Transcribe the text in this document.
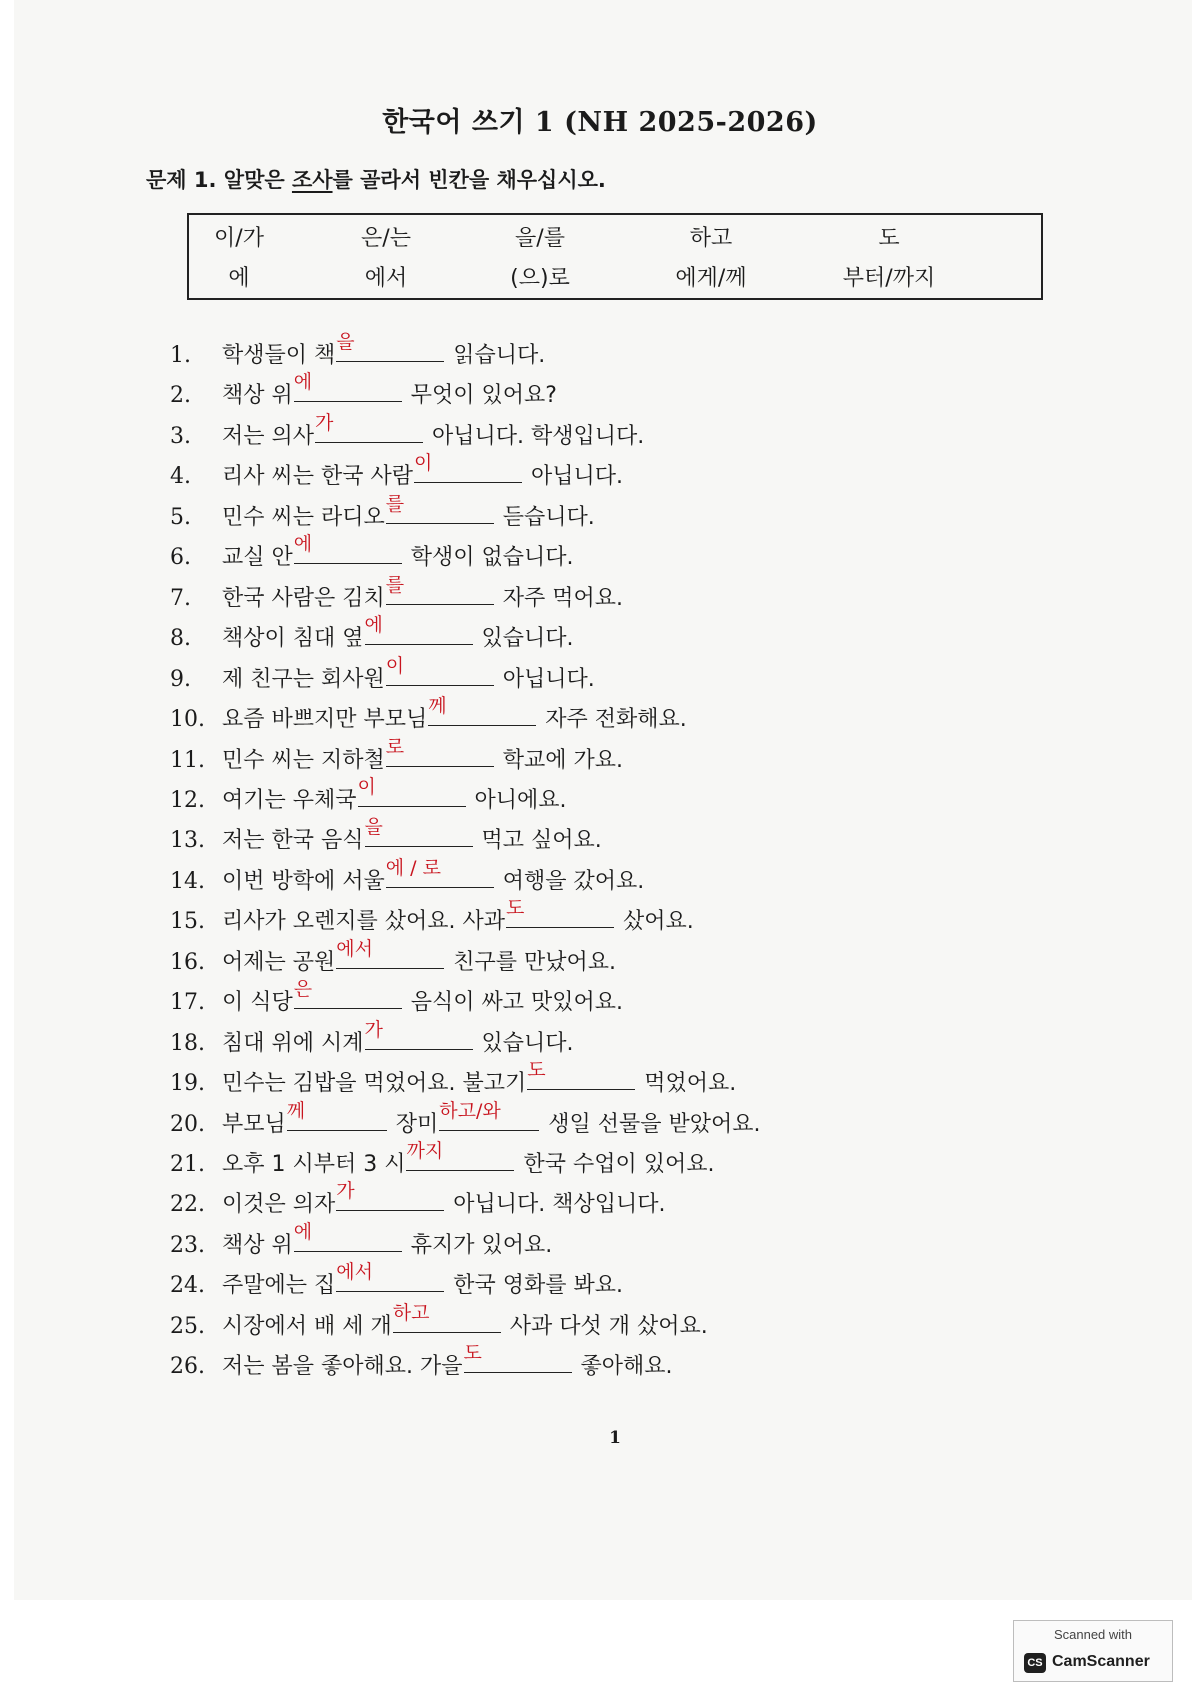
한국어 쓰기 1 (NH 2025-2026)
문제 1. 알맞은 조사를 골라서 빈칸을 채우십시오.
이/가	은/는	을/를	하고	도
에	에서	(으)로	에게/께	부터/까지
1. 학생들이 책
을
읽습니다.
2. 책상 위
에
무엇이 있어요?
3. 저는 의사
가
아닙니다. 학생입니다.
4. 리사 씨는 한국 사람
이
아닙니다.
5. 민수 씨는 라디오
를
듣습니다.
6. 교실 안
에
학생이 없습니다.
7. 한국 사람은 김치
를
자주 먹어요.
8. 책상이 침대 옆
에
있습니다.
9. 제 친구는 회사원
이
아닙니다.
10. 요즘 바쁘지만 부모님
께
자주 전화해요.
11. 민수 씨는 지하철
로
학교에 가요.
12. 여기는 우체국
이
아니에요.
13. 저는 한국 음식
을
먹고 싶어요.
14. 이번 방학에 서울
에 / 로
여행을 갔어요.
15. 리사가 오렌지를 샀어요. 사과
도
샀어요.
16. 어제는 공원
에서
친구를 만났어요.
17. 이 식당
은
음식이 싸고 맛있어요.
18. 침대 위에 시계
가
있습니다.
19. 민수는 김밥을 먹었어요. 불고기
도
먹었어요.
20. 부모님
께
장미
하고/와
생일 선물을 받았어요.
21. 오후 1 시부터 3 시
까지
한국 수업이 있어요.
22. 이것은 의자
가
아닙니다. 책상입니다.
23. 책상 위
에
휴지가 있어요.
24. 주말에는 집
에서
한국 영화를 봐요.
25. 시장에서 배 세 개
하고
사과 다섯 개 샀어요.
26. 저는 봄을 좋아해요. 가을
도
좋아해요.
1
Scanned with
CS CamScanner
